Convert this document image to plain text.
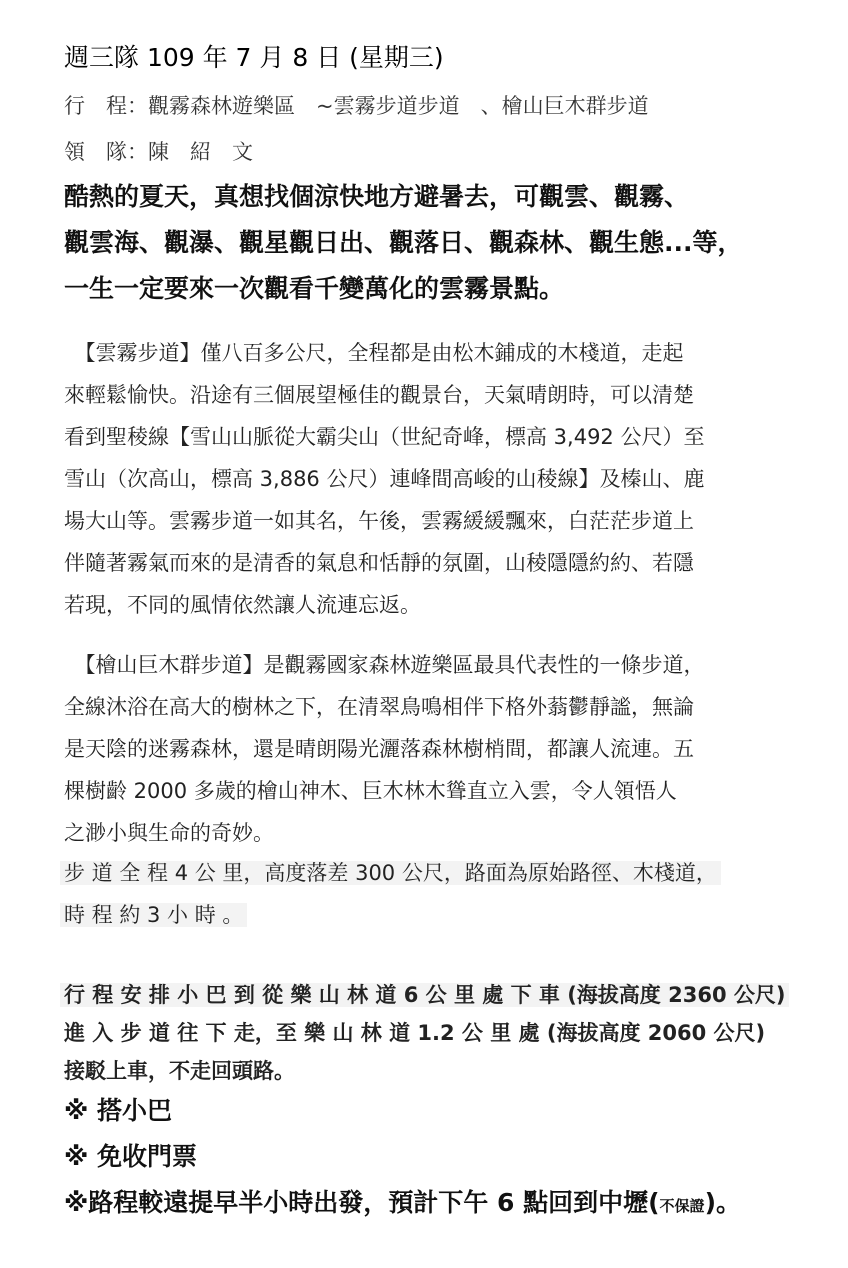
週三隊 109 年 7 月 8 日 (星期三)
行　程：觀霧森林遊樂區　~雲霧步道步道　、檜山巨木群步道
領　隊：陳　紹　文
酷熱的夏天，真想找個涼快地方避暑去，可觀雲、觀霧、
觀雲海、觀瀑、觀星觀日出、觀落日、觀森林、觀生態...等，
一生一定要來一次觀看千變萬化的雲霧景點。
　【雲霧步道】僅八百多公尺，全程都是由松木鋪成的木棧道，走起
來輕鬆愉快。沿途有三個展望極佳的觀景台，天氣晴朗時，可以清楚
看到聖稜線【雪山山脈從大霸尖山（世紀奇峰，標高 3,492 公尺）至
雪山（次高山，標高 3,886 公尺）連峰間高峻的山稜線】及榛山、鹿
場大山等。雲霧步道一如其名，午後，雲霧緩緩飄來，白茫茫步道上
伴隨著霧氣而來的是清香的氣息和恬靜的氛圍，山稜隱隱約約、若隱
若現，不同的風情依然讓人流連忘返。
　【檜山巨木群步道】是觀霧國家森林遊樂區最具代表性的一條步道，
全線沐浴在高大的樹林之下，在清翠鳥鳴相伴下格外蓊鬱靜謐，無論
是天陰的迷霧森林，還是晴朗陽光灑落森林樹梢間，都讓人流連。五
棵樹齡 2000 多歲的檜山神木、巨木林木聳直立入雲，令人領悟人
之渺小與生命的奇妙。
步 道 全 程 4 公 里，高度落差 300 公尺，路面為原始路徑、木棧道，
時 程 約 3 小 時 。
行 程 安 排 小 巴 到 從 樂 山 林 道 6 公 里 處 下 車 (海拔高度 2360 公尺)
進 入 步 道 往 下 走，至 樂 山 林 道 1.2 公 里 處 (海拔高度 2060 公尺)
接駁上車，不走回頭路。
※ 搭小巴
※ 免收門票
※路程較遠提早半小時出發，預計下午 6 點回到中壢(不保證)。
